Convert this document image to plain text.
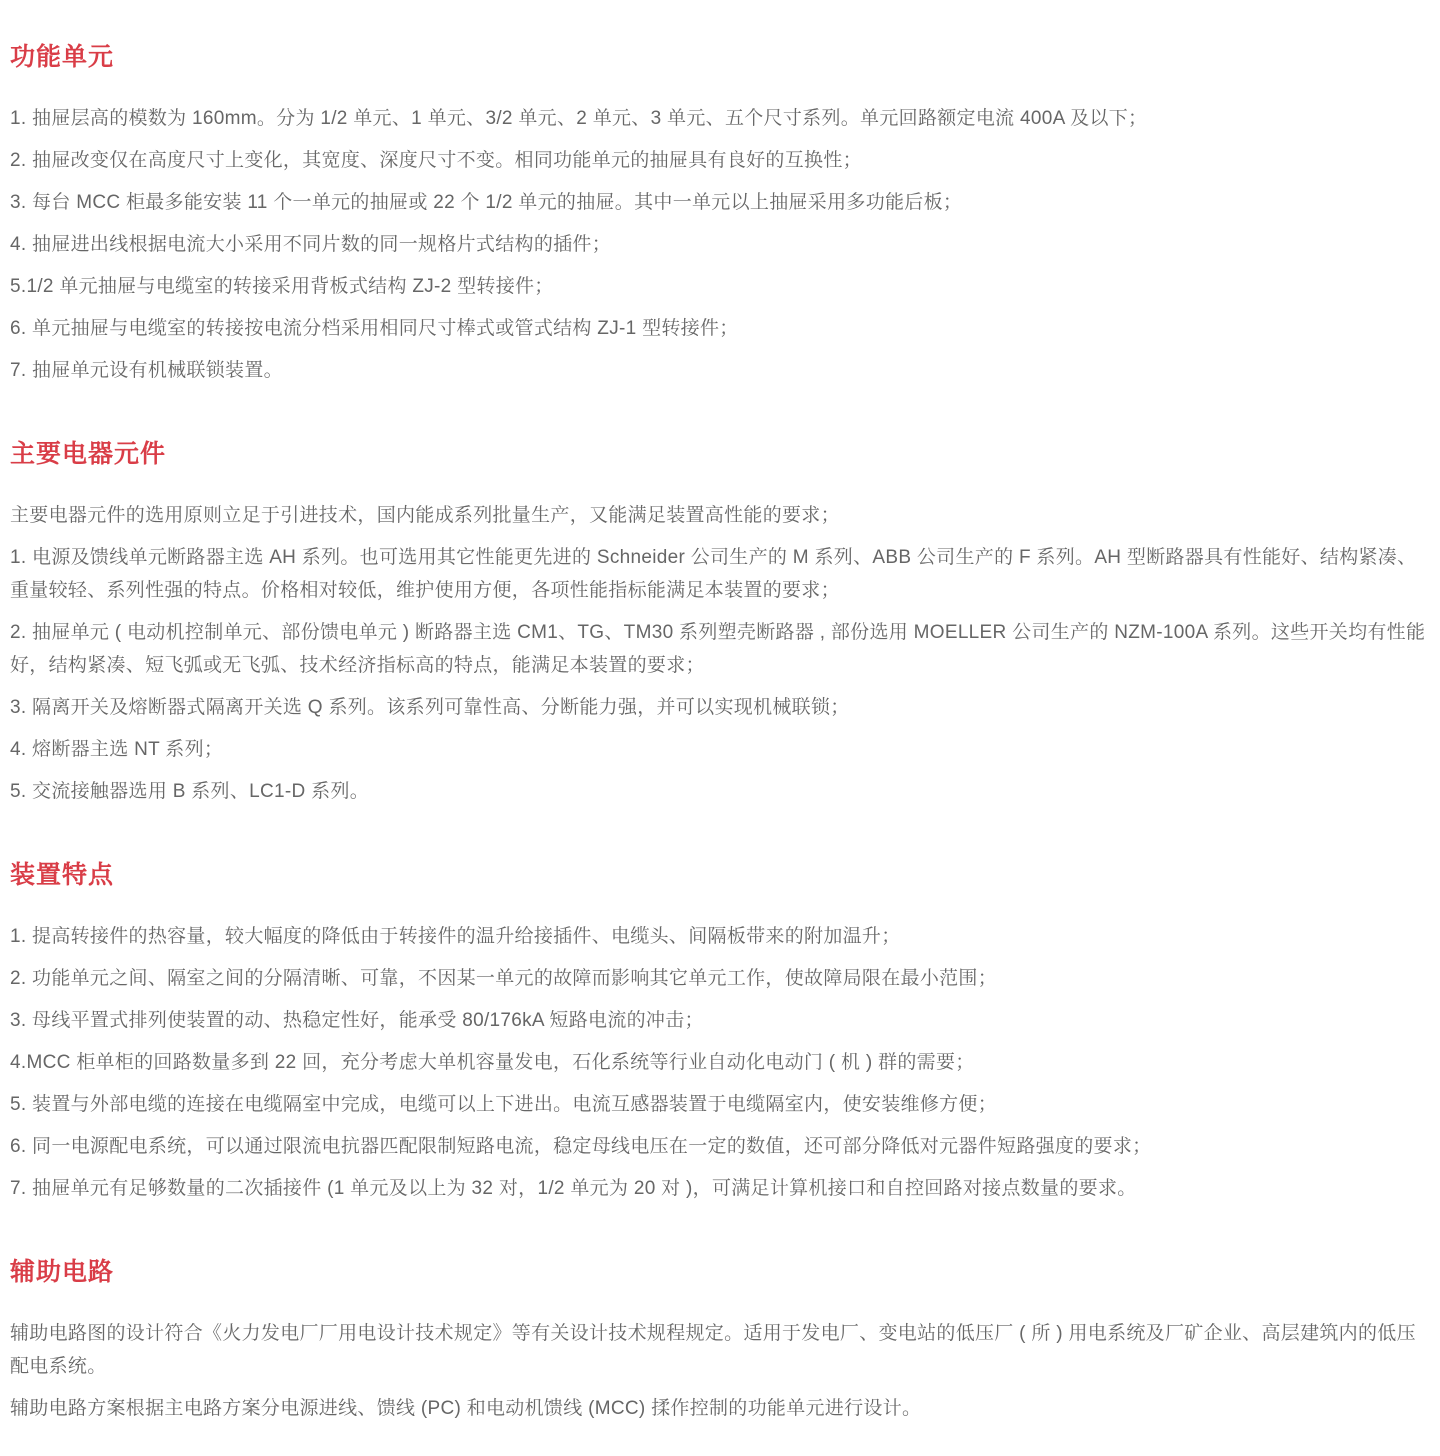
功能单元

1. 抽屉层高的模数为 160mm。分为 1/2 单元、1 单元、3/2 单元、2 单元、3 单元、五个尺寸系列。单元回路额定电流 400A 及以下；

2. 抽屉改变仅在高度尺寸上变化，其宽度、深度尺寸不变。相同功能单元的抽屉具有良好的互换性；

3. 每台 MCC 柜最多能安装 11 个一单元的抽屉或 22 个 1/2 单元的抽屉。其中一单元以上抽屉采用多功能后板；

4. 抽屉进出线根据电流大小采用不同片数的同一规格片式结构的插件；

5.1/2 单元抽屉与电缆室的转接采用背板式结构 ZJ-2 型转接件；

6. 单元抽屉与电缆室的转接按电流分档采用相同尺寸棒式或管式结构 ZJ-1 型转接件；

7. 抽屉单元设有机械联锁装置。

主要电器元件

主要电器元件的选用原则立足于引进技术，国内能成系列批量生产，又能满足装置高性能的要求；

1. 电源及馈线单元断路器主选 AH 系列。也可选用其它性能更先进的 Schneider 公司生产的 M 系列、ABB 公司生产的 F 系列。AH 型断路器具有性能好、结构紧凑、重量较轻、系列性强的特点。价格相对较低，维护使用方便，各项性能指标能满足本装置的要求；

2. 抽屉单元 ( 电动机控制单元、部份馈电单元 ) 断路器主选 CM1、TG、TM30 系列塑壳断路器 , 部份选用 MOELLER 公司生产的 NZM-100A 系列。这些开关均有性能好，结构紧凑、短飞弧或无飞弧、技术经济指标高的特点，能满足本装置的要求；

3. 隔离开关及熔断器式隔离开关选 Q 系列。该系列可靠性高、分断能力强，并可以实现机械联锁；

4. 熔断器主选 NT 系列；

5. 交流接触器选用 B 系列、LC1-D 系列。

装置特点

1. 提高转接件的热容量，较大幅度的降低由于转接件的温升给接插件、电缆头、间隔板带来的附加温升；

2. 功能单元之间、隔室之间的分隔清晰、可靠，不因某一单元的故障而影响其它单元工作，使故障局限在最小范围；

3. 母线平置式排列使装置的动、热稳定性好，能承受 80/176kA 短路电流的冲击；

4.MCC 柜单柜的回路数量多到 22 回，充分考虑大单机容量发电，石化系统等行业自动化电动门 ( 机 ) 群的需要；

5. 装置与外部电缆的连接在电缆隔室中完成，电缆可以上下进出。电流互感器装置于电缆隔室内，使安装维修方便；

6. 同一电源配电系统，可以通过限流电抗器匹配限制短路电流，稳定母线电压在一定的数值，还可部分降低对元器件短路强度的要求；

7. 抽屉单元有足够数量的二次插接件 (1 单元及以上为 32 对，1/2 单元为 20 对 )，可满足计算机接口和自控回路对接点数量的要求。

辅助电路

辅助电路图的设计符合《火力发电厂厂用电设计技术规定》等有关设计技术规程规定。适用于发电厂、变电站的低压厂 ( 所 ) 用电系统及厂矿企业、高层建筑内的低压配电系统。

辅助电路方案根据主电路方案分电源进线、馈线 (PC) 和电动机馈线 (MCC) 揉作控制的功能单元进行设计。
